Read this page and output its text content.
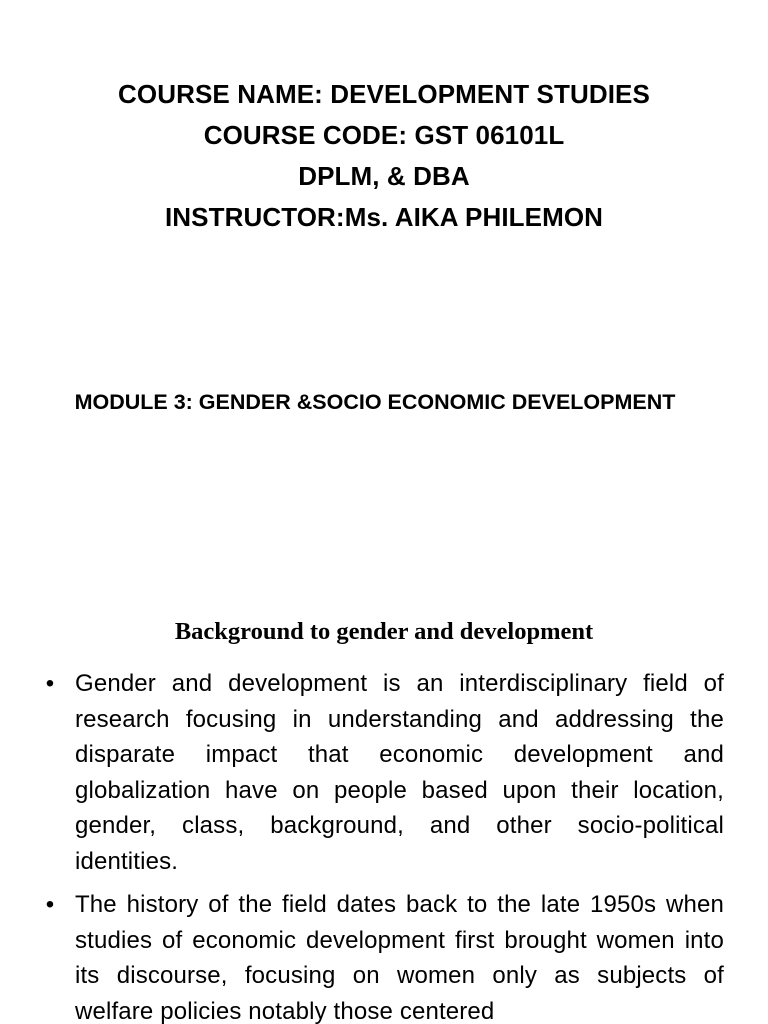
COURSE NAME: DEVELOPMENT STUDIES
COURSE CODE: GST 06101L
DPLM, & DBA
INSTRUCTOR:Ms. AIKA PHILEMON
MODULE 3: GENDER &SOCIO ECONOMIC DEVELOPMENT
Background to gender and development
• Gender and development is an interdisciplinary field of research focusing in understanding and addressing the disparate impact that economic development and globalization have on people based upon their location, gender, class, background, and other socio-political identities.
• The history of the field dates back to the late 1950s when studies of economic development first brought women into its discourse, focusing on women only as subjects of welfare policies notably those centered
